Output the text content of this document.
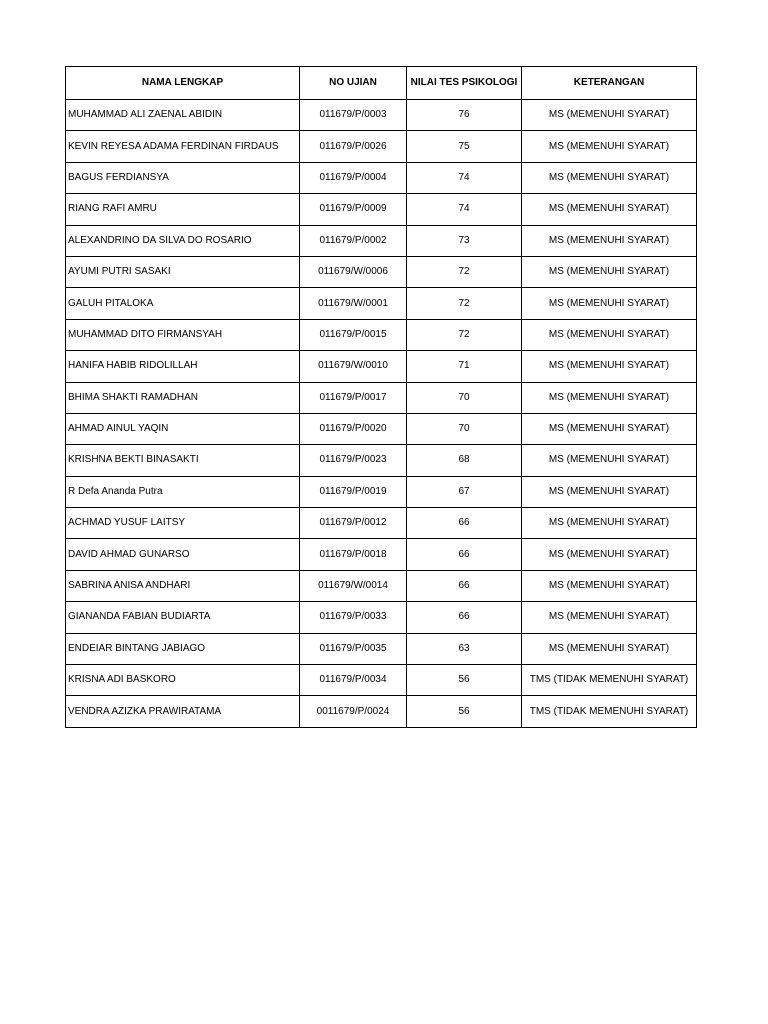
NAMA LENGKAP	NO UJIAN	NILAI TES PSIKOLOGI	KETERANGAN
MUHAMMAD ALI ZAENAL ABIDIN	011679/P/0003	76	MS (MEMENUHI SYARAT)
KEVIN REYESA ADAMA FERDINAN FIRDAUS	011679/P/0026	75	MS (MEMENUHI SYARAT)
BAGUS FERDIANSYA	011679/P/0004	74	MS (MEMENUHI SYARAT)
RIANG RAFI AMRU	011679/P/0009	74	MS (MEMENUHI SYARAT)
ALEXANDRINO DA SILVA DO ROSARIO	011679/P/0002	73	MS (MEMENUHI SYARAT)
AYUMI PUTRI SASAKI	011679/W/0006	72	MS (MEMENUHI SYARAT)
GALUH PITALOKA	011679/W/0001	72	MS (MEMENUHI SYARAT)
MUHAMMAD DITO FIRMANSYAH	011679/P/0015	72	MS (MEMENUHI SYARAT)
HANIFA HABIB RIDOLILLAH	011679/W/0010	71	MS (MEMENUHI SYARAT)
BHIMA SHAKTI RAMADHAN	011679/P/0017	70	MS (MEMENUHI SYARAT)
AHMAD AINUL YAQIN	011679/P/0020	70	MS (MEMENUHI SYARAT)
KRISHNA BEKTI BINASAKTI	011679/P/0023	68	MS (MEMENUHI SYARAT)
R Defa Ananda Putra	011679/P/0019	67	MS (MEMENUHI SYARAT)
ACHMAD YUSUF LAITSY	011679/P/0012	66	MS (MEMENUHI SYARAT)
DAVID AHMAD GUNARSO	011679/P/0018	66	MS (MEMENUHI SYARAT)
SABRINA ANISA ANDHARI	011679/W/0014	66	MS (MEMENUHI SYARAT)
GIANANDA FABIAN BUDIARTA	011679/P/0033	66	MS (MEMENUHI SYARAT)
ENDEIAR BINTANG JABIAGO	011679/P/0035	63	MS (MEMENUHI SYARAT)
KRISNA ADI BASKORO	011679/P/0034	56	TMS (TIDAK MEMENUHI SYARAT)
VENDRA AZIZKA PRAWIRATAMA	0011679/P/0024	56	TMS (TIDAK MEMENUHI SYARAT)
